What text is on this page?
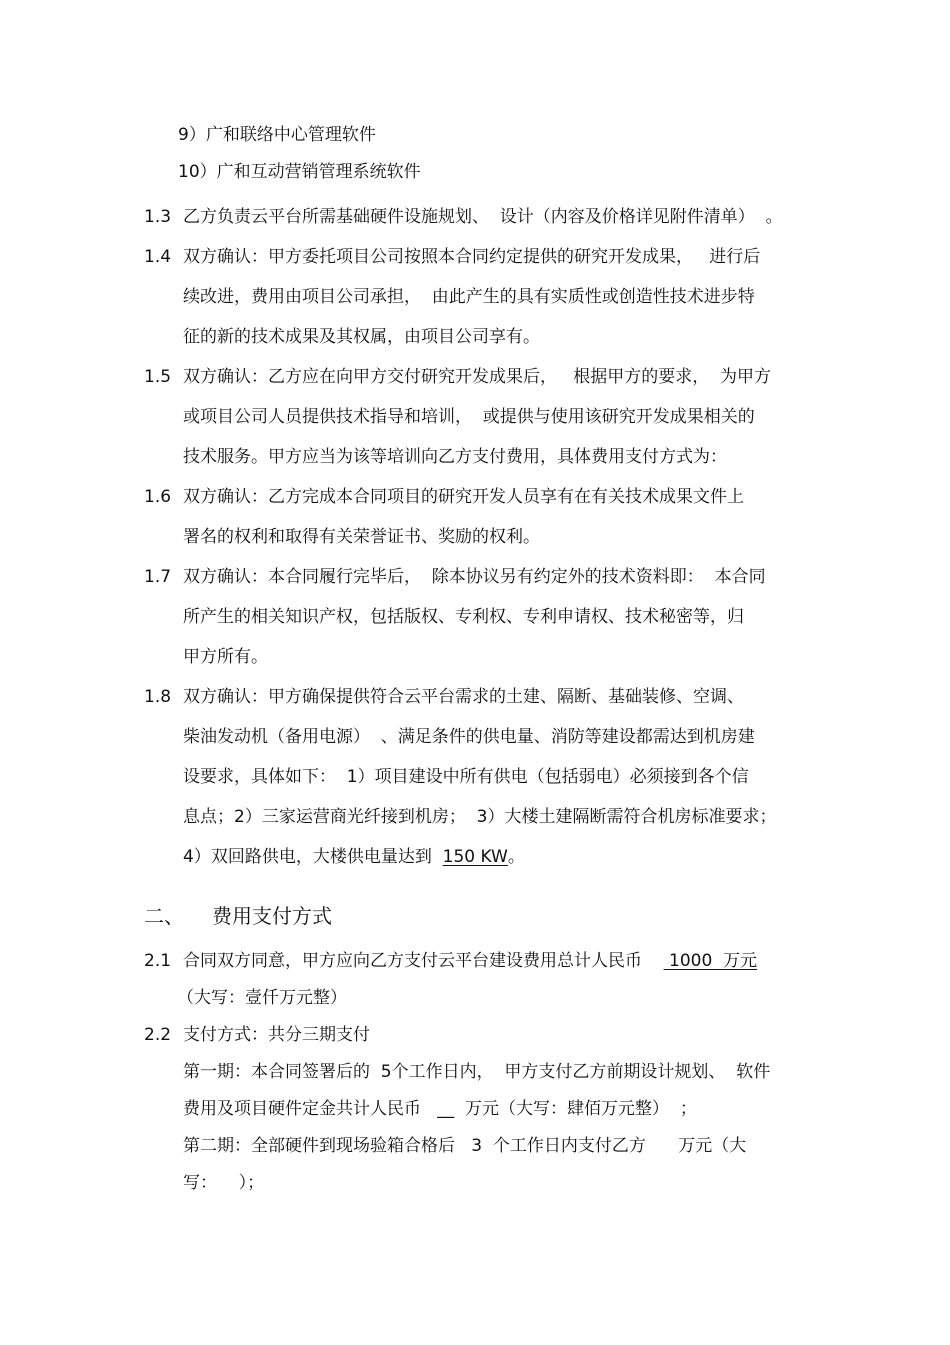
9）广和联络中心管理软件
10）广和互动营销管理系统软件
1.3 乙方负责云平台所需基础硬件设施规划、  设计（内容及价格详见附件清单）  。
1.4 双方确认：甲方委托项目公司按照本合同约定提供的研究开发成果，   进行后
续改进，费用由项目公司承担，  由此产生的具有实质性或创造性技术进步特
征的新的技术成果及其权属，由项目公司享有。
1.5 双方确认：乙方应在向甲方交付研究开发成果后，   根据甲方的要求，  为甲方
或项目公司人员提供技术指导和培训，  或提供与使用该研究开发成果相关的
技术服务。甲方应当为该等培训向乙方支付费用，具体费用支付方式为：
1.6 双方确认：乙方完成本合同项目的研究开发人员享有在有关技术成果文件上
署名的权利和取得有关荣誉证书、奖励的权利。
1.7 双方确认：本合同履行完毕后，  除本协议另有约定外的技术资料即：  本合同
所产生的相关知识产权，包括版权、专利权、专利申请权、技术秘密等，归
甲方所有。
1.8 双方确认：甲方确保提供符合云平台需求的土建、隔断、基础装修、空调、
柴油发动机（备用电源）  、满足条件的供电量、消防等建设都需达到机房建
设要求，具体如下：  1）项目建设中所有供电（包括弱电）必须接到各个信
息点；2）三家运营商光纤接到机房；  3）大楼土建隔断需符合机房标准要求；
4）双回路供电，大楼供电量达到  150 KW。
二、 费用支付方式
2.1 合同双方同意，甲方应向乙方支付云平台建设费用总计人民币     1000  万元
（大写：壹仟万元整）
2.2 支付方式：共分三期支付
第一期：本合同签署后的  5个工作日内，  甲方支付乙方前期设计规划、  软件
费用及项目硬件定金共计人民币   __  万元（大写：肆佰万元整）  ；
第二期：全部硬件到现场验箱合格后   3  个工作日内支付乙方      万元（大
写：    ）；
